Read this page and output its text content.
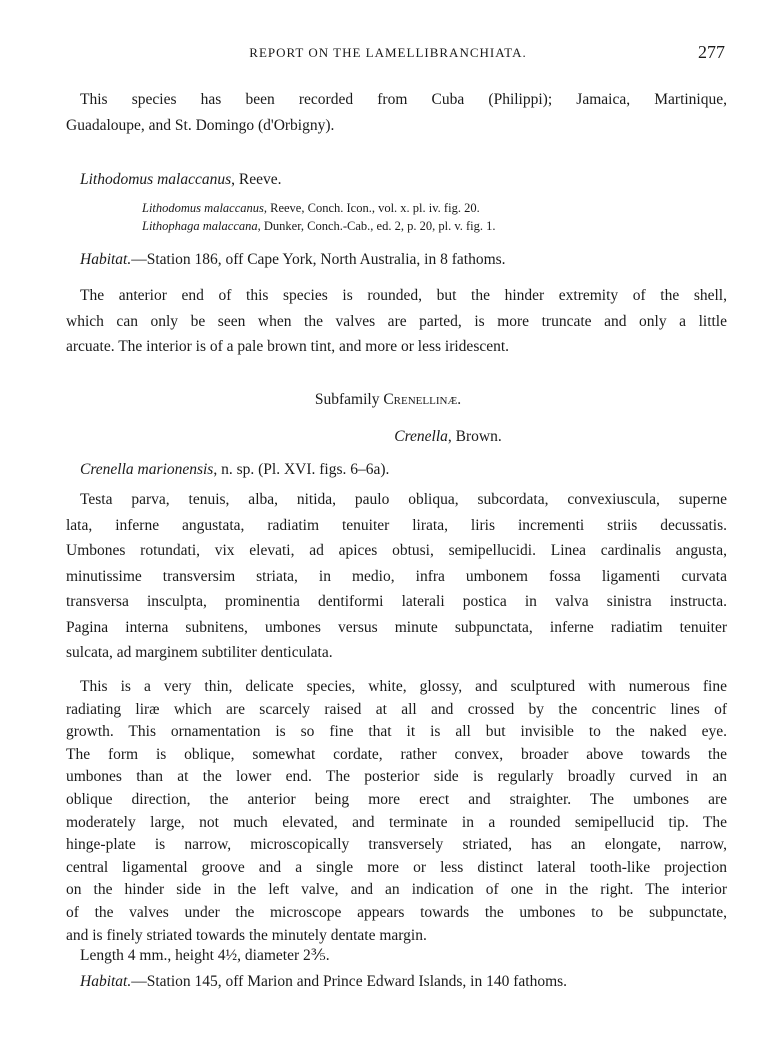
REPORT ON THE LAMELLIBRANCHIATA.	277
This species has been recorded from Cuba (Philippi); Jamaica, Martinique,
Guadaloupe, and St. Domingo (d'Orbigny).
Lithodomus malaccanus, Reeve.
Lithodomus malaccanus, Reeve, Conch. Icon., vol. x. pl. iv. fig. 20.
Lithophaga malaccana, Dunker, Conch.-Cab., ed. 2, p. 20, pl. v. fig. 1.
Habitat.—Station 186, off Cape York, North Australia, in 8 fathoms.
The anterior end of this species is rounded, but the hinder extremity of the shell,
which can only be seen when the valves are parted, is more truncate and only a little
arcuate. The interior is of a pale brown tint, and more or less iridescent.
Subfamily Crenellinæ.
Crenella, Brown.
Crenella marionensis, n. sp. (Pl. XVI. figs. 6–6a).
Testa parva, tenuis, alba, nitida, paulo obliqua, subcordata, convexiuscula, superne
lata, inferne angustata, radiatim tenuiter lirata, liris incrementi striis decussatis.
Umbones rotundati, vix elevati, ad apices obtusi, semipellucidi. Linea cardinalis angusta,
minutissime transversim striata, in medio, infra umbonem fossa ligamenti curvata
transversa insculpta, prominentia dentiformi laterali postica in valva sinistra instructa.
Pagina interna subnitens, umbones versus minute subpunctata, inferne radiatim tenuiter
sulcata, ad marginem subtiliter denticulata.
This is a very thin, delicate species, white, glossy, and sculptured with numerous fine
radiating liræ which are scarcely raised at all and crossed by the concentric lines of
growth. This ornamentation is so fine that it is all but invisible to the naked eye.
The form is oblique, somewhat cordate, rather convex, broader above towards the
umbones than at the lower end. The posterior side is regularly broadly curved in an
oblique direction, the anterior being more erect and straighter. The umbones are
moderately large, not much elevated, and terminate in a rounded semipellucid tip. The
hinge-plate is narrow, microscopically transversely striated, has an elongate, narrow,
central ligamental groove and a single more or less distinct lateral tooth-like projection
on the hinder side in the left valve, and an indication of one in the right. The interior
of the valves under the microscope appears towards the umbones to be subpunctate,
and is finely striated towards the minutely dentate margin.
Length 4 mm., height 4½, diameter 2⅗.
Habitat.—Station 145, off Marion and Prince Edward Islands, in 140 fathoms.
